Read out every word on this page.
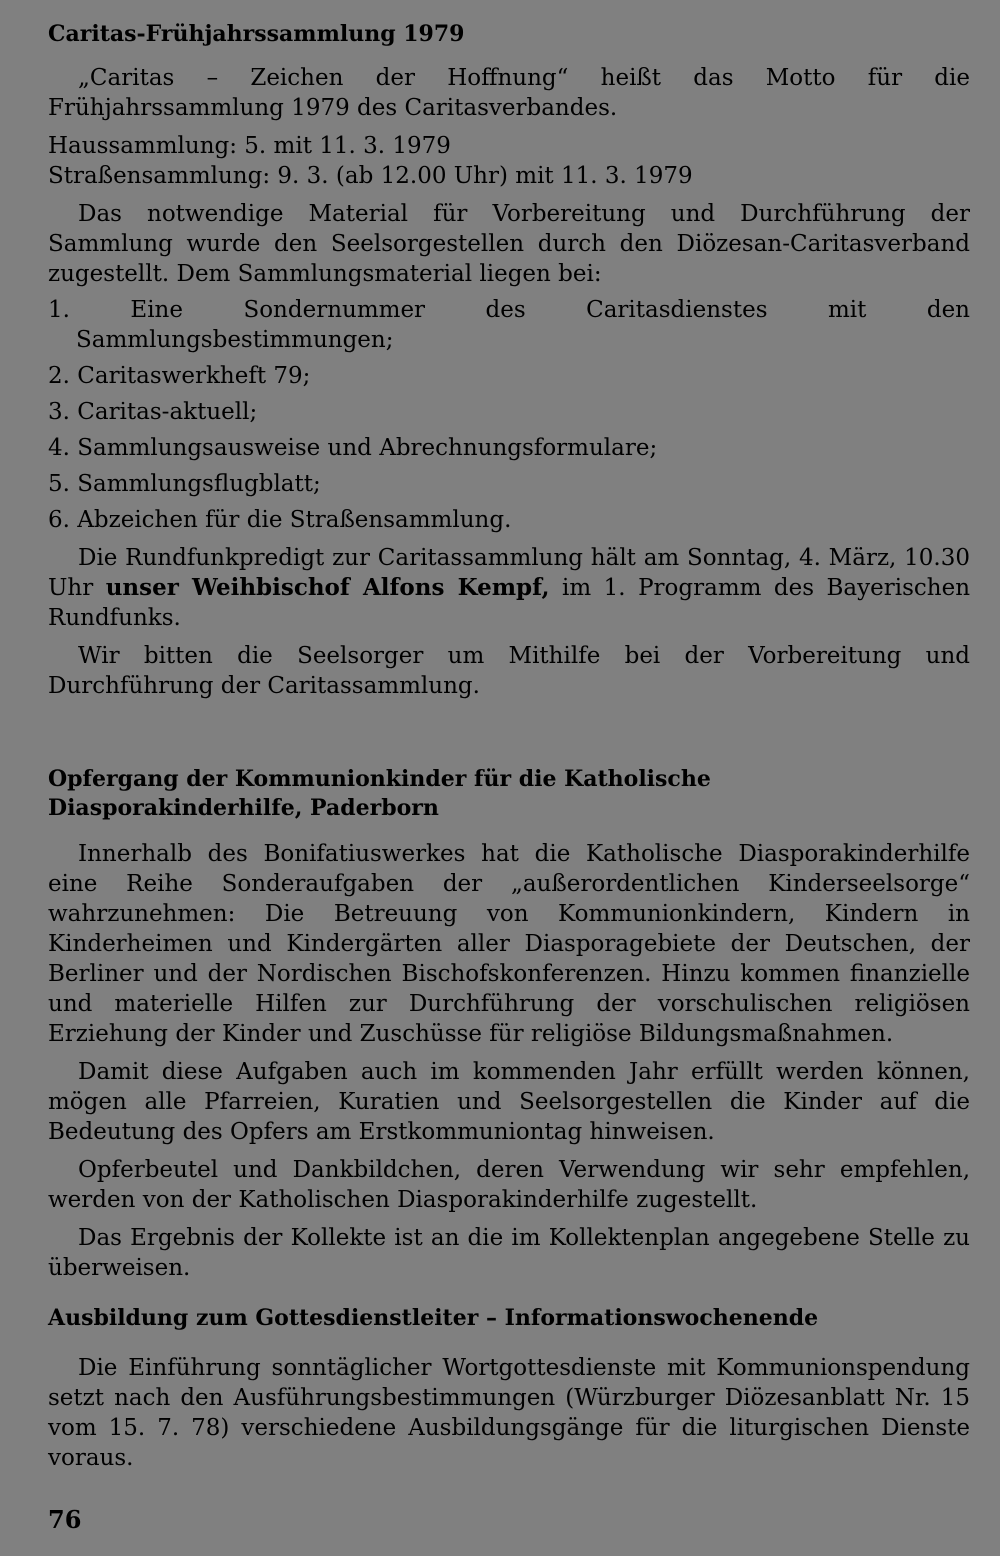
Caritas-Frühjahrssammlung 1979

„Caritas – Zeichen der Hoffnung“ heißt das Motto für die Frühjahrssammlung 1979 des Caritasverbandes.

Haussammlung: 5. mit 11. 3. 1979

Straßensammlung: 9. 3. (ab 12.00 Uhr) mit 11. 3. 1979

Das notwendige Material für Vorbereitung und Durchführung der Sammlung wurde den Seelsorgestellen durch den Diözesan-Caritasverband zugestellt. Dem Sammlungsmaterial liegen bei:

1. Eine Sondernummer des Caritasdienstes mit den Sammlungsbestimmungen;
2. Caritaswerkheft 79;
3. Caritas-aktuell;
4. Sammlungsausweise und Abrechnungsformulare;
5. Sammlungsflugblatt;
6. Abzeichen für die Straßensammlung.

Die Rundfunkpredigt zur Caritassammlung hält am Sonntag, 4. März, 10.30 Uhr unser Weihbischof Alfons Kempf, im 1. Programm des Bayerischen Rundfunks.

Wir bitten die Seelsorger um Mithilfe bei der Vorbereitung und Durchführung der Caritassammlung.

Opfergang der Kommunionkinder für die Katholische Diasporakinderhilfe, Paderborn

Innerhalb des Bonifatiuswerkes hat die Katholische Diasporakinderhilfe eine Reihe Sonderaufgaben der „außerordentlichen Kinderseelsorge“ wahrzunehmen: Die Betreuung von Kommunionkindern, Kindern in Kinderheimen und Kindergärten aller Diasporagebiete der Deutschen, der Berliner und der Nordischen Bischofskonferenzen. Hinzu kommen finanzielle und materielle Hilfen zur Durchführung der vorschulischen religiösen Erziehung der Kinder und Zuschüsse für religiöse Bildungsmaßnahmen.

Damit diese Aufgaben auch im kommenden Jahr erfüllt werden können, mögen alle Pfarreien, Kuratien und Seelsorgestellen die Kinder auf die Bedeutung des Opfers am Erstkommuniontag hinweisen.

Opferbeutel und Dankbildchen, deren Verwendung wir sehr empfehlen, werden von der Katholischen Diasporakinderhilfe zugestellt.

Das Ergebnis der Kollekte ist an die im Kollektenplan angegebene Stelle zu überweisen.

Ausbildung zum Gottesdienstleiter – Informationswochenende

Die Einführung sonntäglicher Wortgottesdienste mit Kommunionspendung setzt nach den Ausführungsbestimmungen (Würzburger Diözesanblatt Nr. 15 vom 15. 7. 78) verschiedene Ausbildungsgänge für die liturgischen Dienste voraus.

76
